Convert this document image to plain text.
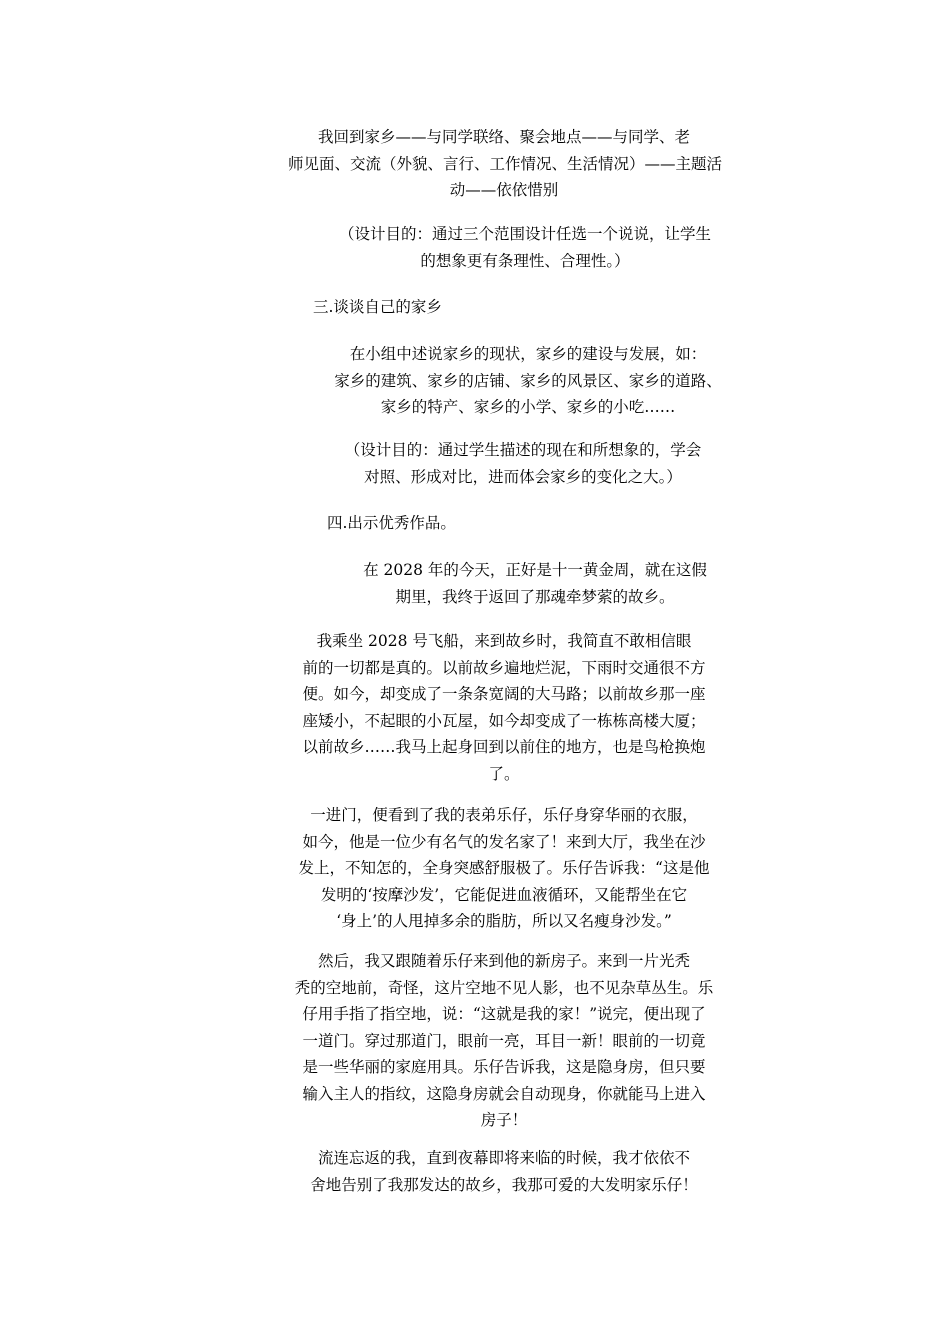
我回到家乡——与同学联络、聚会地点——与同学、老
师见面、交流（外貌、言行、工作情况、生活情况）——主题活
动——依依惜别
（设计目的：通过三个范围设计任选一个说说，让学生
的想象更有条理性、合理性。）
三.谈谈自己的家乡
在小组中述说家乡的现状，家乡的建设与发展，如：
家乡的建筑、家乡的店铺、家乡的风景区、家乡的道路、
家乡的特产、家乡的小学、家乡的小吃……
（设计目的：通过学生描述的现在和所想象的，学会
对照、形成对比，进而体会家乡的变化之大。）
四.出示优秀作品。
在 2028 年的今天，正好是十一黄金周，就在这假
期里，我终于返回了那魂牵梦萦的故乡。
我乘坐 2028 号飞船，来到故乡时，我简直不敢相信眼
前的一切都是真的。以前故乡遍地烂泥，下雨时交通很不方
便。如今，却变成了一条条宽阔的大马路；以前故乡那一座
座矮小，不起眼的小瓦屋，如今却变成了一栋栋高楼大厦；
以前故乡……我马上起身回到以前住的地方，也是鸟枪换炮
了。
一进门，便看到了我的表弟乐仔，乐仔身穿华丽的衣服，
如今，他是一位少有名气的发名家了！来到大厅，我坐在沙
发上，不知怎的，全身突感舒服极了。乐仔告诉我：“这是他
发明的‘按摩沙发’，它能促进血液循环，又能帮坐在它
‘身上’的人甩掉多余的脂肪，所以又名瘦身沙发。”
然后，我又跟随着乐仔来到他的新房子。来到一片光秃
秃的空地前，奇怪，这片空地不见人影，也不见杂草丛生。乐
仔用手指了指空地，说：“这就是我的家！”说完，便出现了
一道门。穿过那道门，眼前一亮，耳目一新！眼前的一切竟
是一些华丽的家庭用具。乐仔告诉我，这是隐身房，但只要
输入主人的指纹，这隐身房就会自动现身，你就能马上进入
房子！
流连忘返的我，直到夜幕即将来临的时候，我才依依不
舍地告别了我那发达的故乡，我那可爱的大发明家乐仔！
